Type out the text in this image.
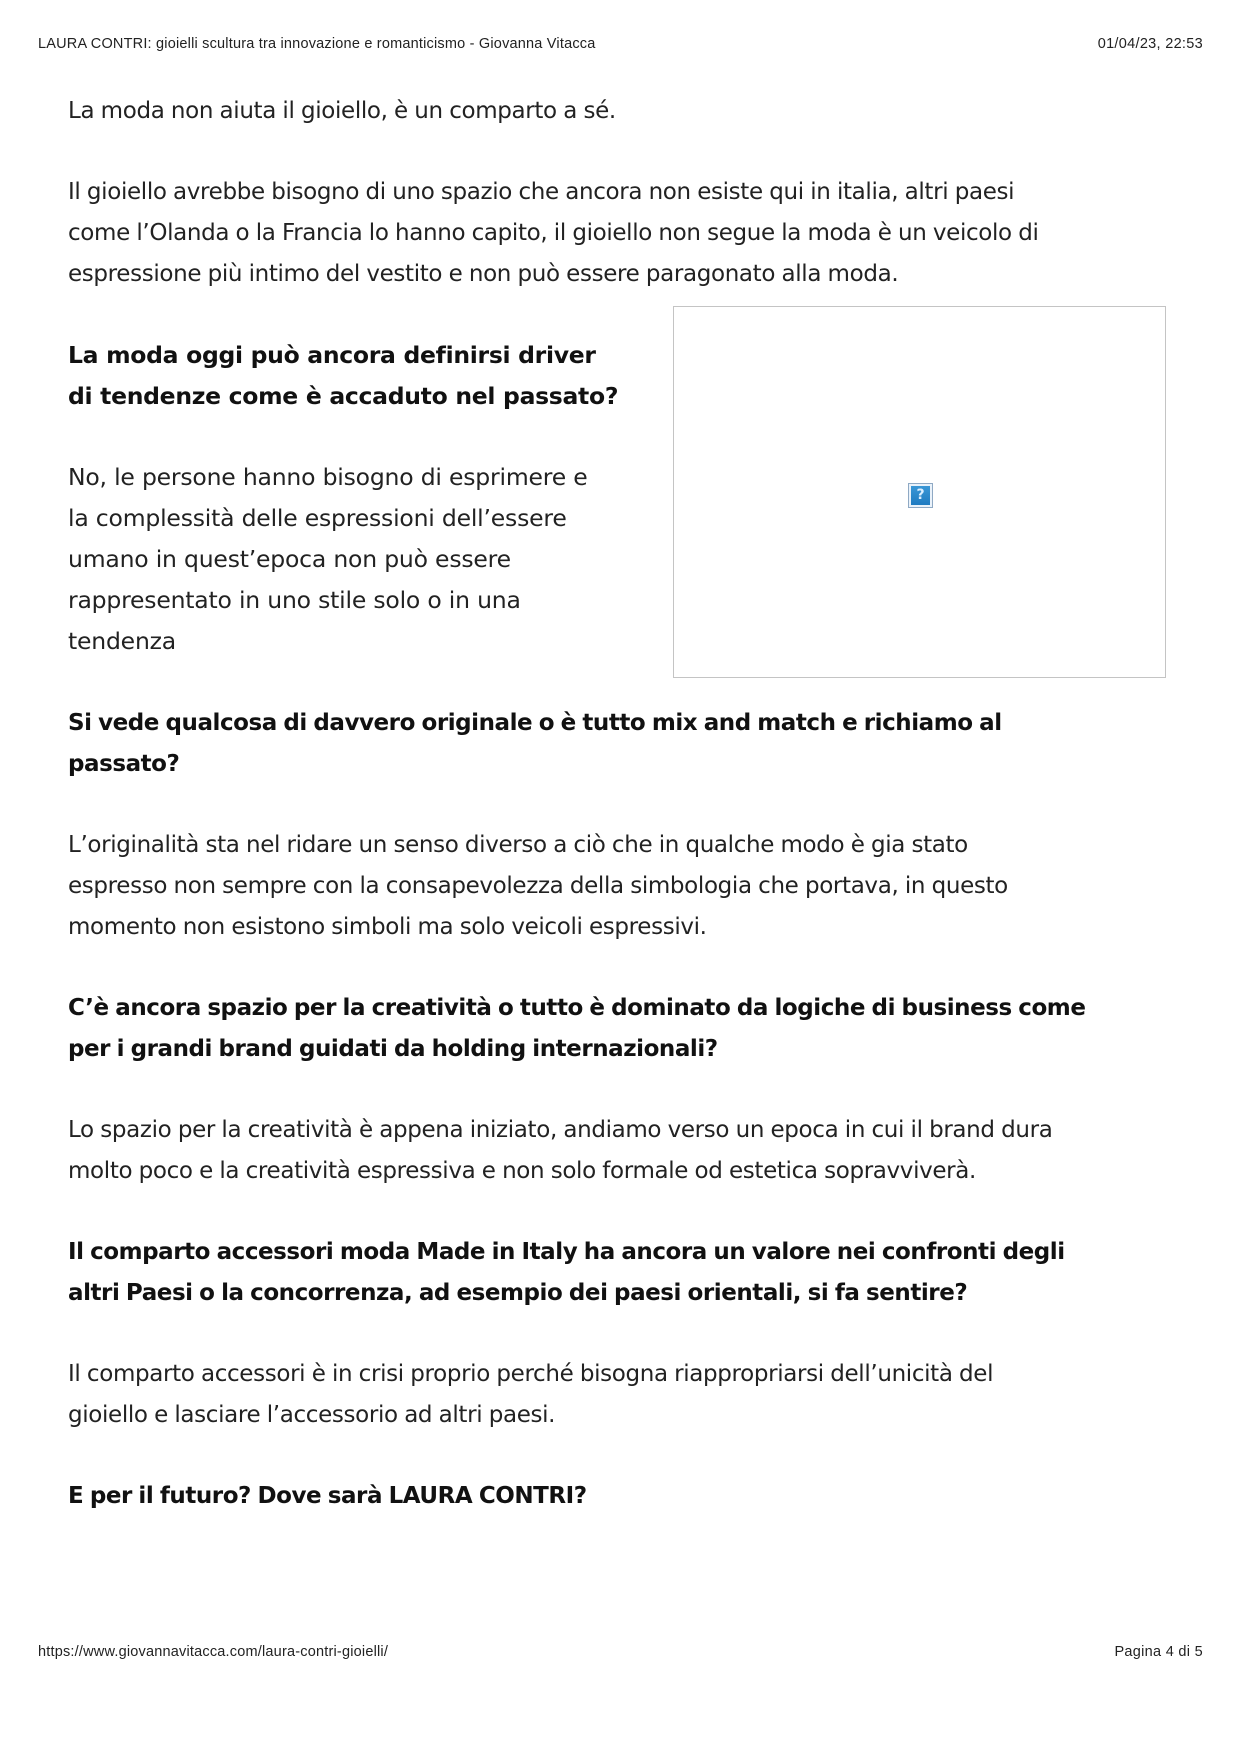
LAURA CONTRI: gioielli scultura tra innovazione e romanticismo - Giovanna Vitacca	01/04/23, 22:53
La moda non aiuta il gioiello, è un comparto a sé.
Il gioiello avrebbe bisogno di uno spazio che ancora non esiste qui in italia, altri paesi
come l’Olanda o la Francia lo hanno capito, il gioiello non segue la moda è un veicolo di
espressione più intimo del vestito e non può essere paragonato alla moda.
La moda oggi può ancora definirsi driver
di tendenze come è accaduto nel passato?
No, le persone hanno bisogno di esprimere e
la complessità delle espressioni dell’essere
umano in quest’epoca non può essere
rappresentato in uno stile solo o in una
tendenza
?
Si vede qualcosa di davvero originale o è tutto mix and match e richiamo al
passato?
L’originalità sta nel ridare un senso diverso a ciò che in qualche modo è gia stato
espresso non sempre con la consapevolezza della simbologia che portava, in questo
momento non esistono simboli ma solo veicoli espressivi.
C’è ancora spazio per la creatività o tutto è dominato da logiche di business come
per i grandi brand guidati da holding internazionali?
Lo spazio per la creatività è appena iniziato, andiamo verso un epoca in cui il brand dura
molto poco e la creatività espressiva e non solo formale od estetica sopravviverà.
Il comparto accessori moda Made in Italy ha ancora un valore nei confronti degli
altri Paesi o la concorrenza, ad esempio dei paesi orientali, si fa sentire?
Il comparto accessori è in crisi proprio perché bisogna riappropriarsi dell’unicità del
gioiello e lasciare l’accessorio ad altri paesi.
E per il futuro? Dove sarà LAURA CONTRI?
https://www.giovannavitacca.com/laura-contri-gioielli/	Pagina 4 di 5
